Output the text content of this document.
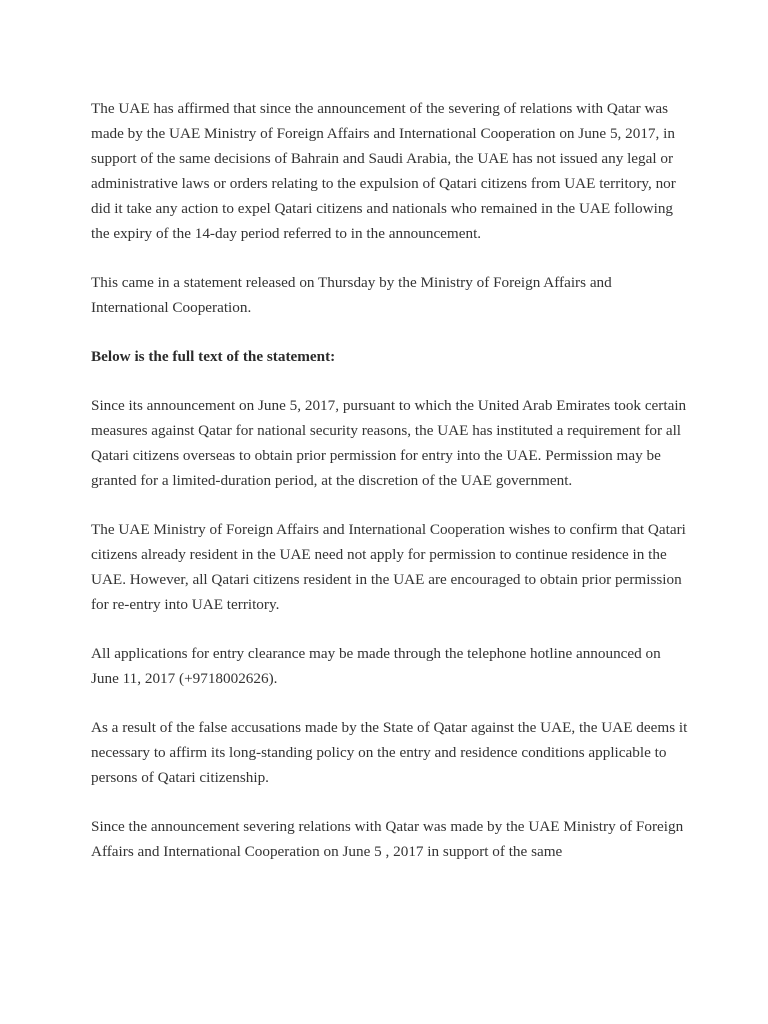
The UAE has affirmed that since the announcement of the severing of relations with Qatar was made by the UAE Ministry of Foreign Affairs and International Cooperation on June 5, 2017, in support of the same decisions of Bahrain and Saudi Arabia, the UAE has not issued any legal or administrative laws or orders relating to the expulsion of Qatari citizens from UAE territory, nor did it take any action to expel Qatari citizens and nationals who remained in the UAE following the expiry of the 14-day period referred to in the announcement.

This came in a statement released on Thursday by the Ministry of Foreign Affairs and International Cooperation.

Below is the full text of the statement:

Since its announcement on June 5, 2017, pursuant to which the United Arab Emirates took certain measures against Qatar for national security reasons, the UAE has instituted a requirement for all Qatari citizens overseas to obtain prior permission for entry into the UAE. Permission may be granted for a limited-duration period, at the discretion of the UAE government.

The UAE Ministry of Foreign Affairs and International Cooperation wishes to confirm that Qatari citizens already resident in the UAE need not apply for permission to continue residence in the UAE. However, all Qatari citizens resident in the UAE are encouraged to obtain prior permission for re-entry into UAE territory.

All applications for entry clearance may be made through the telephone hotline announced on June 11, 2017 (+9718002626).

As a result of the false accusations made by the State of Qatar against the UAE, the UAE deems it necessary to affirm its long-standing policy on the entry and residence conditions applicable to persons of Qatari citizenship.

Since the announcement severing relations with Qatar was made by the UAE Ministry of Foreign Affairs and International Cooperation on June 5 , 2017 in support of the same
